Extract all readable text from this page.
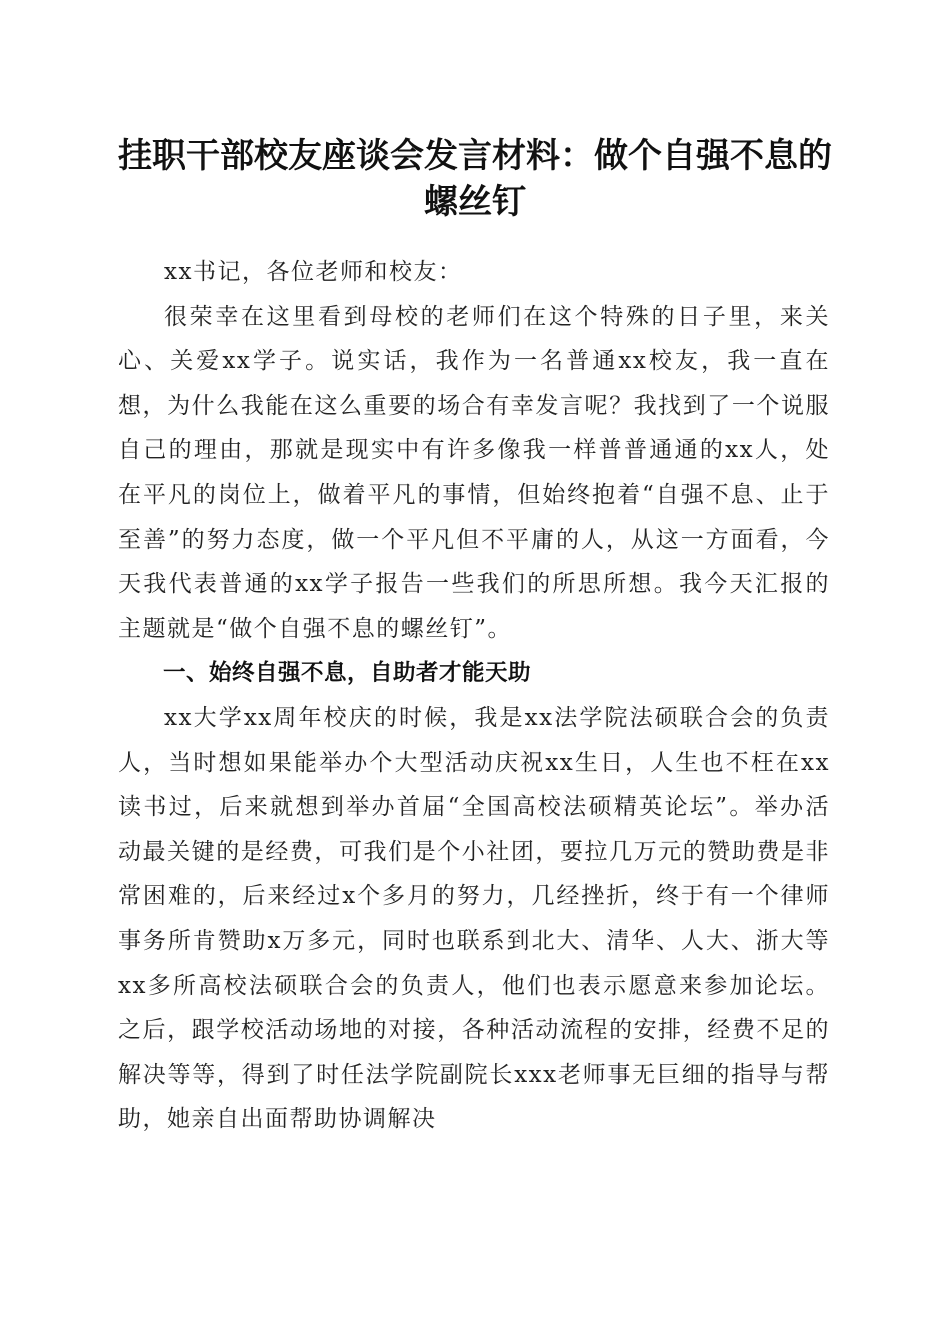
挂职干部校友座谈会发言材料：做个自强不息的螺丝钉

xx书记，各位老师和校友：

很荣幸在这里看到母校的老师们在这个特殊的日子里，来关心、关爱xx学子。说实话，我作为一名普通xx校友，我一直在想，为什么我能在这么重要的场合有幸发言呢？我找到了一个说服自己的理由，那就是现实中有许多像我一样普普通通的xx人，处在平凡的岗位上，做着平凡的事情，但始终抱着“自强不息、止于至善”的努力态度，做一个平凡但不平庸的人，从这一方面看，今天我代表普通的xx学子报告一些我们的所思所想。我今天汇报的主题就是“做个自强不息的螺丝钉”。

一、始终自强不息，自助者才能天助

xx大学xx周年校庆的时候，我是xx法学院法硕联合会的负责人，当时想如果能举办个大型活动庆祝xx生日，人生也不枉在xx读书过，后来就想到举办首届“全国高校法硕精英论坛”。举办活动最关键的是经费，可我们是个小社团，要拉几万元的赞助费是非常困难的，后来经过x个多月的努力，几经挫折，终于有一个律师事务所肯赞助x万多元，同时也联系到北大、清华、人大、浙大等xx多所高校法硕联合会的负责人，他们也表示愿意来参加论坛。之后，跟学校活动场地的对接，各种活动流程的安排，经费不足的解决等等，得到了时任法学院副院长xxx老师事无巨细的指导与帮助，她亲自出面帮助协调解决
